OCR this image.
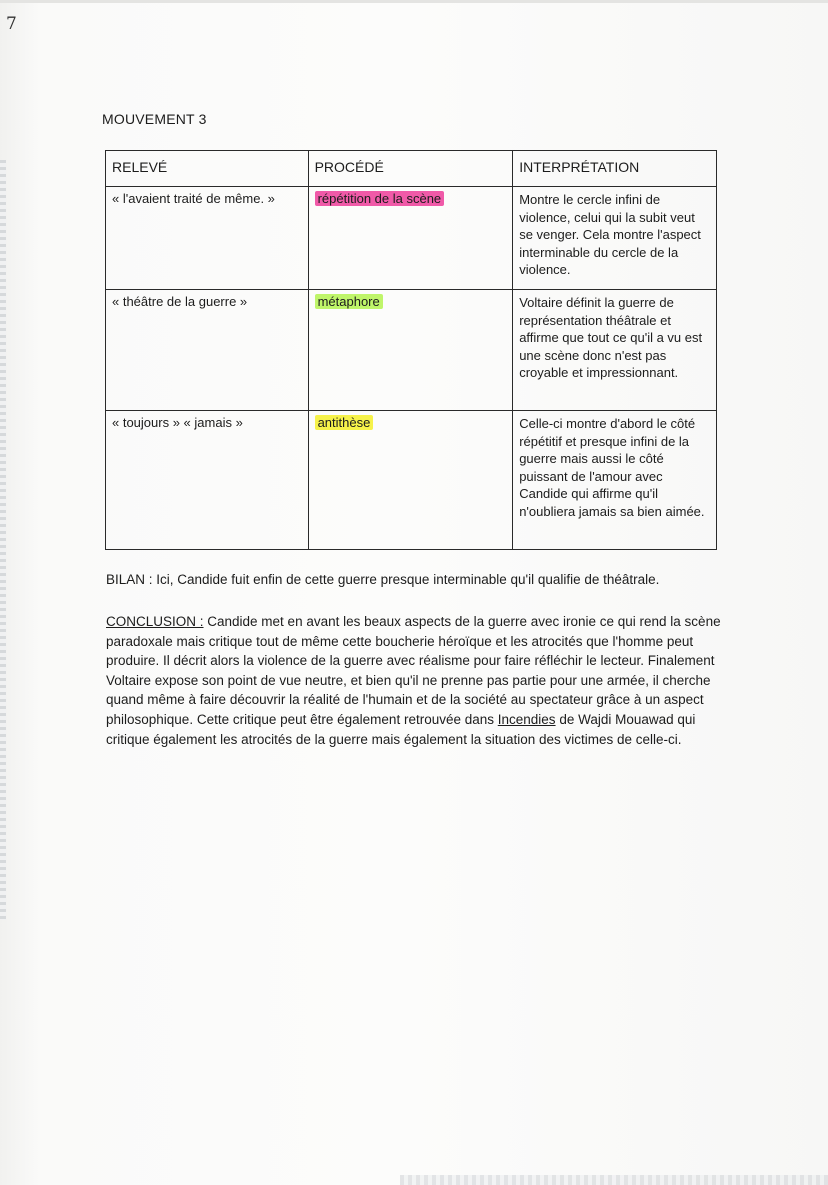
7
MOUVEMENT 3
RELEVÉ	PROCÉDÉ	INTERPRÉTATION
« l'avaient traité de même. »	répétition de la scène	Montre le cercle infini de violence, celui qui la subit veut se venger. Cela montre l'aspect interminable du cercle de la violence.
« théâtre de la guerre »	métaphore	Voltaire définit la guerre de représentation théâtrale et affirme que tout ce qu'il a vu est une scène donc n'est pas croyable et impressionnant.
« toujours » « jamais »	antithèse	Celle-ci montre d'abord le côté répétitif et presque infini de la guerre mais aussi le côté puissant de l'amour avec Candide qui affirme qu'il n'oubliera jamais sa bien aimée.
BILAN : Ici, Candide fuit enfin de cette guerre presque interminable qu'il qualifie de théâtrale.
CONCLUSION : Candide met en avant les beaux aspects de la guerre avec ironie ce qui rend la scène paradoxale mais critique tout de même cette boucherie héroïque et les atrocités que l'homme peut produire. Il décrit alors la violence de la guerre avec réalisme pour faire réfléchir le lecteur. Finalement Voltaire expose son point de vue neutre, et bien qu'il ne prenne pas partie pour une armée, il cherche quand même à faire découvrir la réalité de l'humain et de la société au spectateur grâce à un aspect philosophique. Cette critique peut être également retrouvée dans Incendies de Wajdi Mouawad qui critique également les atrocités de la guerre mais également la situation des victimes de celle-ci.
